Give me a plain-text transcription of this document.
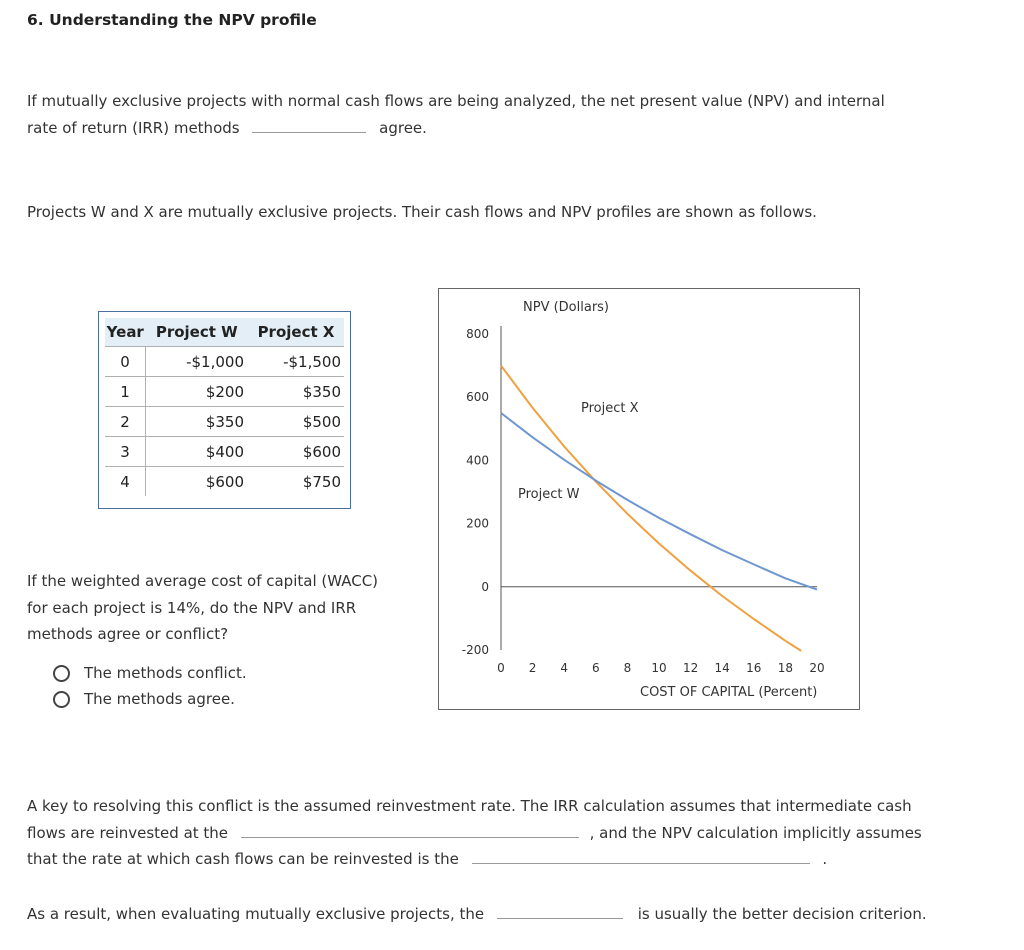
6. Understanding the NPV profile
If mutually exclusive projects with normal cash flows are being analyzed, the net present value (NPV) and internal
rate of return (IRR) methods	agree.
Projects W and X are mutually exclusive projects. Their cash flows and NPV profiles are shown as follows.
Year	Project W	Project X
0	-$1,000	-$1,500
1	$200	$350
2	$350	$500
3	$400	$600
4	$600	$750
If the weighted average cost of capital (WACC)
for each project is 14%, do the NPV and IRR
methods agree or conflict?
The methods conflict.
The methods agree.
NPV (Dollars)
COST OF CAPITAL (Percent)
800
600
400
200
0
-200
0 2 4 6 8 10 12 14 16 18 20
Project X
Project W
A key to resolving this conflict is the assumed reinvestment rate. The IRR calculation assumes that intermediate cash
flows are reinvested at the	, and the NPV calculation implicitly assumes
that the rate at which cash flows can be reinvested is the	.
As a result, when evaluating mutually exclusive projects, the	is usually the better decision criterion.
